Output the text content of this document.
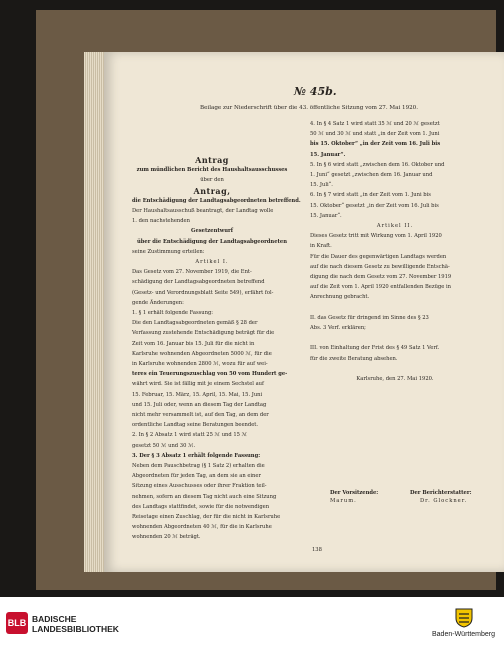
№ 45b.
Beilage zur Niederschrift über die 43. öffentliche Sitzung vom 27. Mai 1920.
Antrag
zum mündlichen Bericht des Haushaltsausschusses
über den
Antrag,
die Entschädigung der Landtagsabgeordneten betreffend.
Der Haushaltsausschuß beantragt, der Landtag wolle
1. den nachstehenden
Gesetzentwurf
über die Entschädigung der Landtagsabgeordneten
seine Zustimmung erteilen:
Artikel I.
Das Gesetz vom 27. November 1919, die Ent-
schädigung der Landtagsabgeordneten betreffend
(Gesetz- und Verordnungsblatt Seite 549), erfährt fol-
gende Änderungen:
1. § 1 erhält folgende Fassung:
Die den Landtagsabgeordneten gemäß § 28 der
Verfassung zustehende Entschädigung beträgt für die
Zeit vom 16. Januar bis 15. Juli für die nicht in
Karlsruhe wohnenden Abgeordneten 5000 ℳ, für die
in Karlsruhe wohnenden 2800 ℳ, wozu für auf wei-
teres ein Teuerungszuschlag von 50 vom Hundert ge-
währt wird. Sie ist fällig mit je einem Sechstel auf
15. Februar, 15. März, 15. April, 15. Mai, 15. Juni
und 15. Juli oder, wenn an diesem Tag der Landtag
nicht mehr versammelt ist, auf den Tag, an dem der
ordentliche Landtag seine Beratungen beendet.
2. In § 2 Absatz 1 wird statt 25 ℳ und 15 ℳ
gesetzt 50 ℳ und 30 ℳ.
3. Der § 3 Absatz 1 erhält folgende Fassung:
Neben dem Pauschbetrag (§ 1 Satz 2) erhalten die
Abgeordneten für jeden Tag, an dem sie an einer
Sitzung eines Ausschusses oder ihrer Fraktion teil-
nehmen, sofern an diesem Tag nicht auch eine Sitzung
des Landtags stattfindet, sowie für die notwendigen
Reisetage einen Zuschlag, der für die nicht in Karlsruhe
wohnenden Abgeordneten 40 ℳ, für die in Karlsruhe
wohnenden 20 ℳ beträgt.
4. In § 4 Satz 1 wird statt 35 ℳ und 20 ℳ gesetzt
50 ℳ und 30 ℳ und statt „in der Zeit vom 1. Juni
bis 15. Oktober“ „in der Zeit vom 16. Juli bis
15. Januar“.
5. In § 6 wird statt „zwischen dem 16. Oktober und
1. Juni“ gesetzt „zwischen dem 16. Januar und
15. Juli“.
6. In § 7 wird statt „in der Zeit vom 1. Juni bis
15. Oktober“ gesetzt „in der Zeit vom 16. Juli bis
15. Januar“.
Artikel II.
Dieses Gesetz tritt mit Wirkung vom 1. April 1920
in Kraft.
Für die Dauer des gegenwärtigen Landtags werden
auf die nach diesem Gesetz zu bewilligende Entschä-
digung die nach dem Gesetz vom 27. November 1919
auf die Zeit vom 1. April 1920 entfallenden Bezüge in
Anrechnung gebracht.
II. das Gesetz für dringend im Sinne des § 23
Abs. 3 Verf. erklären;
III. von Einhaltung der Frist des § 49 Satz 1 Verf.
für die zweite Beratung absehen.
Karlsruhe, den 27. Mai 1920.
Der Vorsitzende:
Marum.
Der Berichterstatter:
Dr. Glockner.
138
BLB BADISCHE
LANDESBIBLIOTHEK
Baden-Württemberg
